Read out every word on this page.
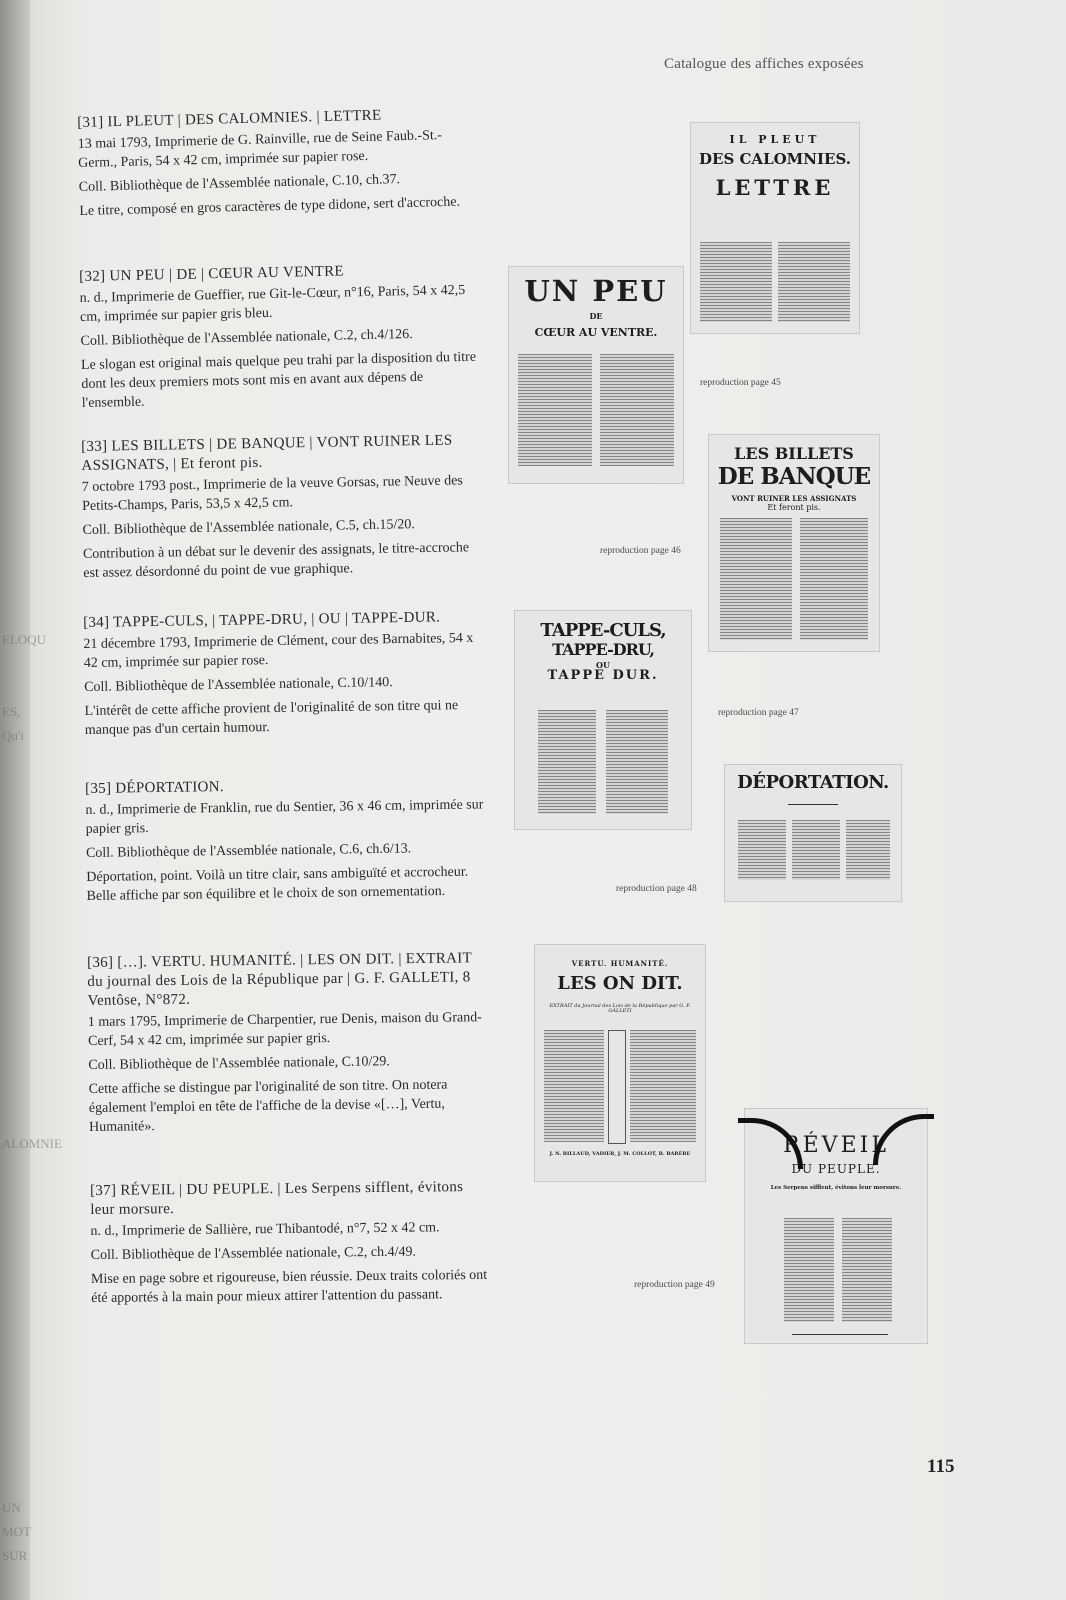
ES,
Qu'i
ELOQU
ALOMNIE
UN MOT SUR
Catalogue des affiches exposées
[31] IL PLEUT | DES CALOMNIES. | LETTRE

13 mai 1793, Imprimerie de G. Rainville, rue de Seine Faub.-St.-Germ., Paris, 54 x 42 cm, imprimée sur papier rose.

Coll. Bibliothèque de l'Assemblée nationale, C.10, ch.37.

Le titre, composé en gros caractères de type didone, sert d'accroche.

[32] UN PEU | DE | CŒUR AU VENTRE

n. d., Imprimerie de Gueffier, rue Git-le-Cœur, n°16, Paris, 54 x 42,5 cm, imprimée sur papier gris bleu.

Coll. Bibliothèque de l'Assemblée nationale, C.2, ch.4/126.

Le slogan est original mais quelque peu trahi par la disposition du titre dont les deux premiers mots sont mis en avant aux dépens de l'ensemble.

[33] LES BILLETS | DE BANQUE | VONT RUINER LES ASSIGNATS, | Et feront pis.

7 octobre 1793 post., Imprimerie de la veuve Gorsas, rue Neuve des Petits-Champs, Paris, 53,5 x 42,5 cm.

Coll. Bibliothèque de l'Assemblée nationale, C.5, ch.15/20.

Contribution à un débat sur le devenir des assignats, le titre-accroche est assez désordonné du point de vue graphique.

[34] TAPPE-CULS, | TAPPE-DRU, | OU | TAPPE-DUR.

21 décembre 1793, Imprimerie de Clément, cour des Barnabites, 54 x 42 cm, imprimée sur papier rose.

Coll. Bibliothèque de l'Assemblée nationale, C.10/140.

L'intérêt de cette affiche provient de l'originalité de son titre qui ne manque pas d'un certain humour.

[35] DÉPORTATION.

n. d., Imprimerie de Franklin, rue du Sentier, 36 x 46 cm, imprimée sur papier gris.

Coll. Bibliothèque de l'Assemblée nationale, C.6, ch.6/13.

Déportation, point. Voilà un titre clair, sans ambiguïté et accrocheur. Belle affiche par son équilibre et le choix de son ornementation.

[36] […]. VERTU. HUMANITÉ. | LES ON DIT. | EXTRAIT du journal des Lois de la République par | G. F. GALLETI, 8 Ventôse, N°872.

1 mars 1795, Imprimerie de Charpentier, rue Denis, maison du Grand-Cerf, 54 x 42 cm, imprimée sur papier gris.

Coll. Bibliothèque de l'Assemblée nationale, C.10/29.

Cette affiche se distingue par l'originalité de son titre. On notera également l'emploi en tête de l'affiche de la devise «[…], Vertu, Humanité».

[37] RÉVEIL | DU PEUPLE. | Les Serpens sifflent, évitons leur morsure.

n. d., Imprimerie de Sallière, rue Thibantodé, n°7, 52 x 42 cm.

Coll. Bibliothèque de l'Assemblée nationale, C.2, ch.4/49.

Mise en page sobre et rigoureuse, bien réussie. Deux traits coloriés ont été apportés à la main pour mieux attirer l'attention du passant.

IL PLEUT
DES CALOMNIES.
LETTRE
reproduction page 45
UN PEU
DE
CŒUR AU VENTRE.
reproduction page 46
LES BILLETS
DE BANQUE
VONT RUINER LES ASSIGNATS
Et feront pis.
reproduction page 47
TAPPE-CULS,
TAPPE-DRU,
OU
TAPPE DUR.
reproduction page 48
DÉPORTATION.
VERTU. HUMANITÉ.
LES ON DIT.
EXTRAIT du Journal des Lois de la République par G. F. GALLETI
J. N. BILLAUD, VADIER, J. M. COLLOT, B. BARÈRE	RÉVEIL
DU PEUPLE.
Les Serpens sifflent, évitons leur morsure.
reproduction page 49
115
